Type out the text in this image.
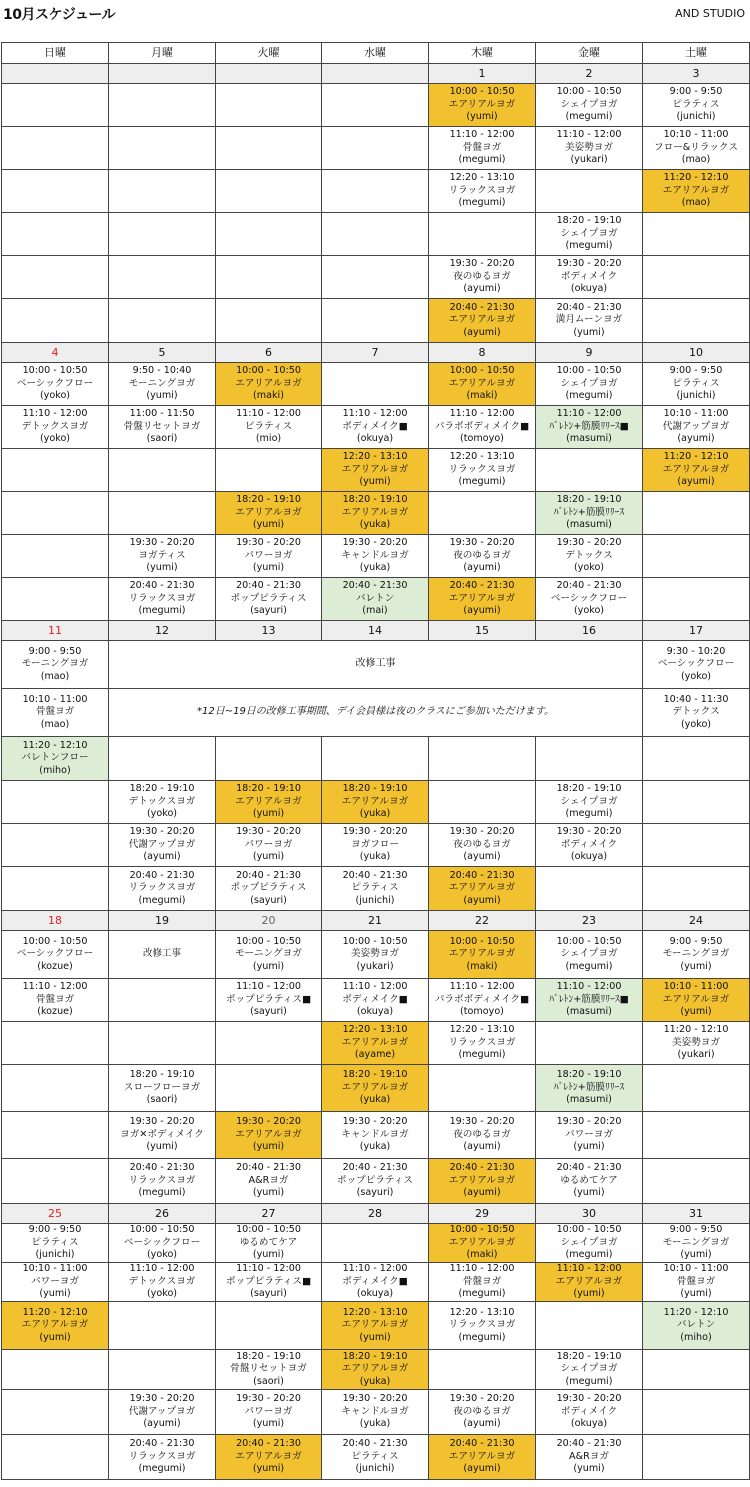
10月スケジュール	AND STUDIO
日曜	月曜	火曜	水曜	木曜	金曜	土曜
				1	2	3

				10:00 - 10:50
エアリアルヨガ
(yumi)	10:00 - 10:50
シェイプヨガ
(megumi)	9:00 - 9:50
ピラティス
(junichi)

				11:10 - 12:00
骨盤ヨガ
(megumi)	11:10 - 12:00
美姿勢ヨガ
(yukari)	10:10 - 11:00
フロー&リラックス
(mao)

				12:20 - 13:10
リラックスヨガ
(megumi)		11:20 - 12:10
エアリアルヨガ
(mao)

					18:20 - 19:10
シェイプヨガ
(megumi)	

				19:30 - 20:20
夜のゆるヨガ
(ayumi)	19:30 - 20:20
ボディメイク
(okuya)	

				20:40 - 21:30
エアリアルヨガ
(ayumi)	20:40 - 21:30
満月ムーンヨガ
(yumi)	

4	5	6	7	8	9	10

10:00 - 10:50
ベーシックフロー
(yoko)	9:50 - 10:40
モーニングヨガ
(yumi)	10:00 - 10:50
エアリアルヨガ
(maki)		10:00 - 10:50
エアリアルヨガ
(maki)	10:00 - 10:50
シェイプヨガ
(megumi)	9:00 - 9:50
ピラティス
(junichi)

11:10 - 12:00
デトックスヨガ
(yoko)	11:00 - 11:50
骨盤リセットヨガ
(saori)	11:10 - 12:00
ピラティス
(mio)	11:10 - 12:00
ボディメイク■
(okuya)	11:10 - 12:00
パラボボディメイク■
(tomoyo)	11:10 - 12:00
ﾊﾞﾚﾄﾝ+筋膜ﾘﾘｰｽ■
(masumi)	10:10 - 11:00
代謝アップヨガ
(ayumi)

			12:20 - 13:10
エアリアルヨガ
(yumi)	12:20 - 13:10
リラックスヨガ
(megumi)		11:20 - 12:10
エアリアルヨガ
(ayumi)

		18:20 - 19:10
エアリアルヨガ
(yumi)	18:20 - 19:10
エアリアルヨガ
(yuka)		18:20 - 19:10
ﾊﾞﾚﾄﾝ+筋膜ﾘﾘｰｽ
(masumi)	

	19:30 - 20:20
ヨガティス
(yumi)	19:30 - 20:20
パワーヨガ
(yumi)	19:30 - 20:20
キャンドルヨガ
(yuka)	19:30 - 20:20
夜のゆるヨガ
(ayumi)	19:30 - 20:20
デトックス
(yoko)	

	20:40 - 21:30
リラックスヨガ
(megumi)	20:40 - 21:30
ポップピラティス
(sayuri)	20:40 - 21:30
バレトン
(mai)	20:40 - 21:30
エアリアルヨガ
(ayumi)	20:40 - 21:30
ベーシックフロー
(yoko)	

11	12	13	14	15	16	17

9:00 - 9:50
モーニングヨガ
(mao)	改修工事					9:30 - 10:20
ベーシックフロー
(yoko)

10:10 - 11:00
骨盤ヨガ
(mao)	*12日~19日の改修工事期間、デイ会員様は夜のクラスにご参加いただけます。					10:40 - 11:30
デトックス
(yoko)

11:20 - 12:10
バレトンフロー
(miho)						

	18:20 - 19:10
デトックスヨガ
(yoko)	18:20 - 19:10
エアリアルヨガ
(yumi)	18:20 - 19:10
エアリアルヨガ
(yuka)		18:20 - 19:10
シェイプヨガ
(megumi)	

	19:30 - 20:20
代謝アップヨガ
(ayumi)	19:30 - 20:20
パワーヨガ
(yumi)	19:30 - 20:20
ヨガフロー
(yuka)	19:30 - 20:20
夜のゆるヨガ
(ayumi)	19:30 - 20:20
ボディメイク
(okuya)	

	20:40 - 21:30
リラックスヨガ
(megumi)	20:40 - 21:30
ポップピラティス
(sayuri)	20:40 - 21:30
ピラティス
(junichi)	20:40 - 21:30
エアリアルヨガ
(ayumi)		

18	19	20	21	22	23	24

10:00 - 10:50
ベーシックフロー
(kozue)	改修工事	10:00 - 10:50
モーニングヨガ
(yumi)	10:00 - 10:50
美姿勢ヨガ
(yukari)	10:00 - 10:50
エアリアルヨガ
(maki)	10:00 - 10:50
シェイプヨガ
(megumi)	9:00 - 9:50
モーニングヨガ
(yumi)

11:10 - 12:00
骨盤ヨガ
(kozue)		11:10 - 12:00
ポップピラティス■
(sayuri)	11:10 - 12:00
ボディメイク■
(okuya)	11:10 - 12:00
パラボボディメイク■
(tomoyo)	11:10 - 12:00
ﾊﾞﾚﾄﾝ+筋膜ﾘﾘｰｽ■
(masumi)	10:10 - 11:00
エアリアルヨガ
(yumi)

			12:20 - 13:10
エアリアルヨガ
(ayame)	12:20 - 13:10
リラックスヨガ
(megumi)		11:20 - 12:10
美姿勢ヨガ
(yukari)

	18:20 - 19:10
スローフローヨガ
(saori)		18:20 - 19:10
エアリアルヨガ
(yuka)		18:20 - 19:10
ﾊﾞﾚﾄﾝ+筋膜ﾘﾘｰｽ
(masumi)	

	19:30 - 20:20
ヨガ✕ボディメイク
(yumi)	19:30 - 20:20
エアリアルヨガ
(yumi)	19:30 - 20:20
キャンドルヨガ
(yuka)	19:30 - 20:20
夜のゆるヨガ
(ayumi)	19:30 - 20:20
パワーヨガ
(yumi)	

	20:40 - 21:30
リラックスヨガ
(megumi)	20:40 - 21:30
A&Rヨガ
(yumi)	20:40 - 21:30
ポップピラティス
(sayuri)	20:40 - 21:30
エアリアルヨガ
(ayumi)	20:40 - 21:30
ゆるめてケア
(yumi)	

25	26	27	28	29	30	31

9:00 - 9:50
ピラティス
(junichi)	10:00 - 10:50
ベーシックフロー
(yoko)	10:00 - 10:50
ゆるめてケア
(yumi)		10:00 - 10:50
エアリアルヨガ
(maki)	10:00 - 10:50
シェイプヨガ
(megumi)	9:00 - 9:50
モーニングヨガ
(yumi)

10:10 - 11:00
パワーヨガ
(yumi)	11:10 - 12:00
デトックスヨガ
(yoko)	11:10 - 12:00
ポップピラティス■
(sayuri)	11:10 - 12:00
ボディメイク■
(okuya)	11:10 - 12:00
骨盤ヨガ
(megumi)	11:10 - 12:00
エアリアルヨガ
(yumi)	10:10 - 11:00
骨盤ヨガ
(yumi)

11:20 - 12:10
エアリアルヨガ
(yumi)			12:20 - 13:10
エアリアルヨガ
(yumi)	12:20 - 13:10
リラックスヨガ
(megumi)		11:20 - 12:10
バレトン
(miho)

		18:20 - 19:10
骨盤リセットヨガ
(saori)	18:20 - 19:10
エアリアルヨガ
(yuka)		18:20 - 19:10
シェイプヨガ
(megumi)	

	19:30 - 20:20
代謝アップヨガ
(ayumi)	19:30 - 20:20
パワーヨガ
(yumi)	19:30 - 20:20
キャンドルヨガ
(yuka)	19:30 - 20:20
夜のゆるヨガ
(ayumi)	19:30 - 20:20
ボディメイク
(okuya)	

	20:40 - 21:30
リラックスヨガ
(megumi)	20:40 - 21:30
エアリアルヨガ
(yumi)	20:40 - 21:30
ピラティス
(junichi)	20:40 - 21:30
エアリアルヨガ
(ayumi)	20:40 - 21:30
A&Rヨガ
(yumi)	
